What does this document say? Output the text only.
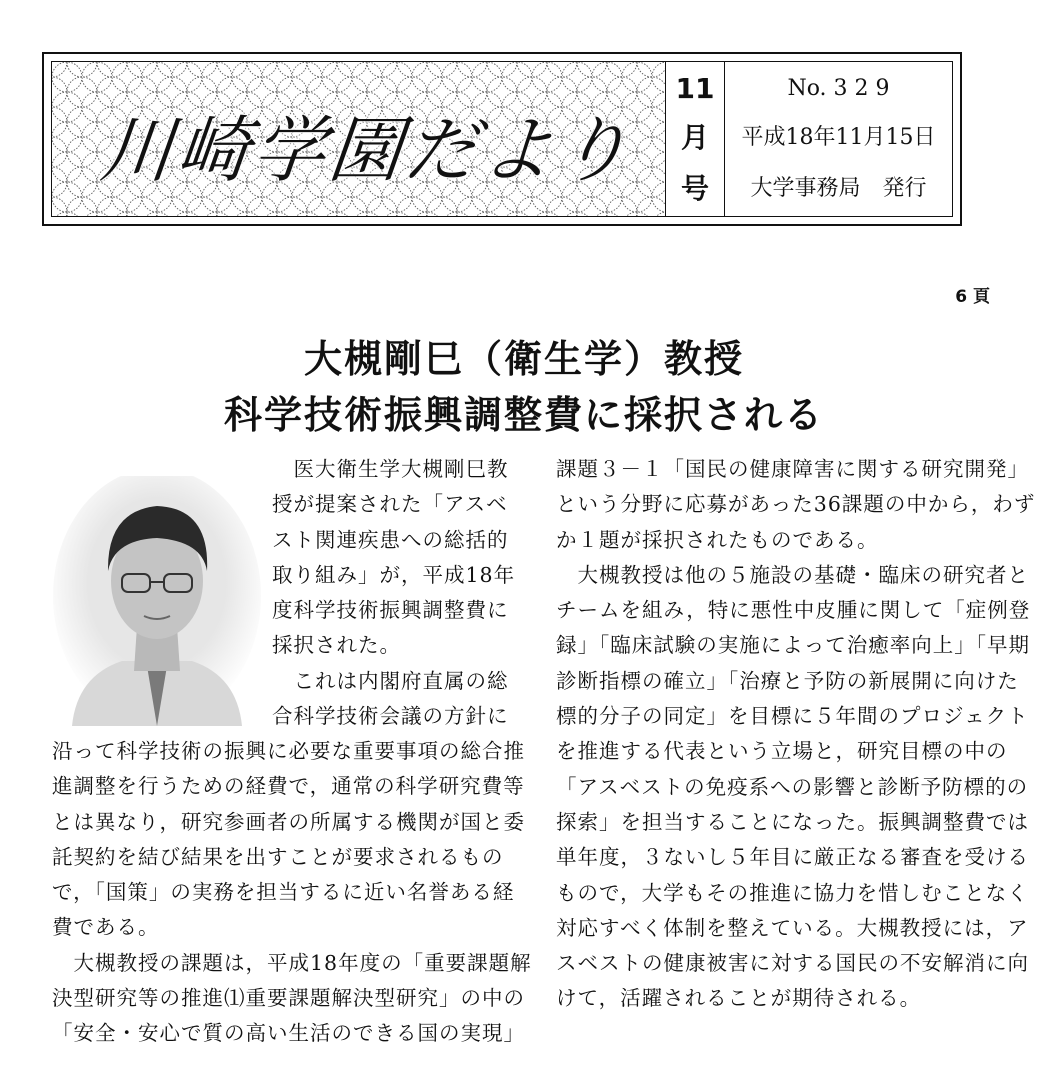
川崎学園だより
11
月
号
No. 3 2 9
平成18年11月15日
大学事務局　発行
6 頁
大槻剛巳（衛生学）教授
科学技術振興調整費に採択される
　医大衛生学大槻剛巳教
授が提案された「アスベ
スト関連疾患への総括的
取り組み」が，平成18年
度科学技術振興調整費に
採択された。
　これは内閣府直属の総
合科学技術会議の方針に
沿って科学技術の振興に必要な重要事項の総合推
進調整を行うための経費で，通常の科学研究費等
とは異なり，研究参画者の所属する機関が国と委
託契約を結び結果を出すことが要求されるもの
で，「国策」の実務を担当するに近い名誉ある経
費である。
　大槻教授の課題は，平成18年度の「重要課題解
決型研究等の推進⑴重要課題解決型研究」の中の
「安全・安心で質の高い生活のできる国の実現」
課題３－１「国民の健康障害に関する研究開発」
という分野に応募があった36課題の中から，わず
か１題が採択されたものである。
　大槻教授は他の５施設の基礎・臨床の研究者と
チームを組み，特に悪性中皮腫に関して「症例登
録」「臨床試験の実施によって治癒率向上」「早期
診断指標の確立」「治療と予防の新展開に向けた
標的分子の同定」を目標に５年間のプロジェクト
を推進する代表という立場と，研究目標の中の
「アスベストの免疫系への影響と診断予防標的の
探索」を担当することになった。振興調整費では
単年度，３ないし５年目に厳正なる審査を受ける
もので，大学もその推進に協力を惜しむことなく
対応すべく体制を整えている。大槻教授には，ア
スベストの健康被害に対する国民の不安解消に向
けて，活躍されることが期待される。
